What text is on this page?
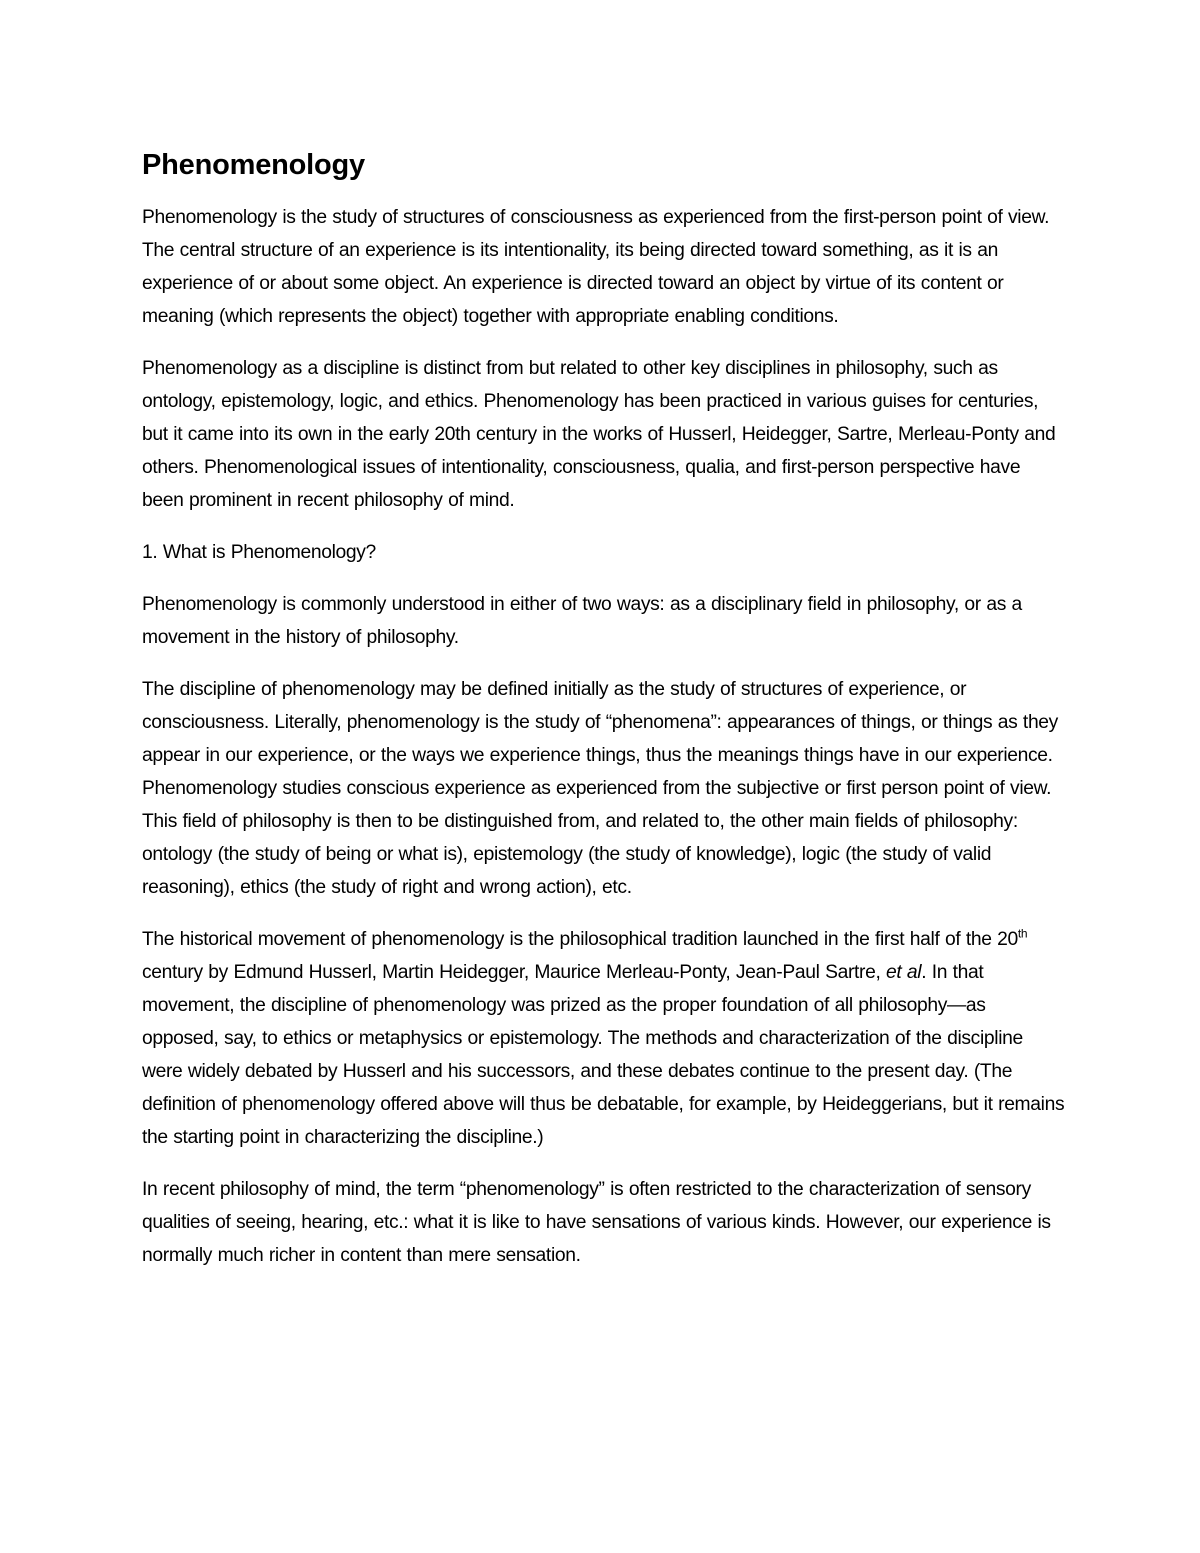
Phenomenology

Phenomenology is the study of structures of consciousness as experienced from the first-person point of view. The central structure of an experience is its intentionality, its being directed toward something, as it is an experience of or about some object. An experience is directed toward an object by virtue of its content or meaning (which represents the object) together with appropriate enabling conditions.

Phenomenology as a discipline is distinct from but related to other key disciplines in philosophy, such as ontology, epistemology, logic, and ethics. Phenomenology has been practiced in various guises for centuries, but it came into its own in the early 20th century in the works of Husserl, Heidegger, Sartre, Merleau-Ponty and others. Phenomenological issues of intentionality, consciousness, qualia, and first-person perspective have been prominent in recent philosophy of mind.

1. What is Phenomenology?

Phenomenology is commonly understood in either of two ways: as a disciplinary field in philosophy, or as a movement in the history of philosophy.

The discipline of phenomenology may be defined initially as the study of structures of experience, or consciousness. Literally, phenomenology is the study of “phenomena”: appearances of things, or things as they appear in our experience, or the ways we experience things, thus the meanings things have in our experience. Phenomenology studies conscious experience as experienced from the subjective or first person point of view. This field of philosophy is then to be distinguished from, and related to, the other main fields of philosophy: ontology (the study of being or what is), epistemology (the study of knowledge), logic (the study of valid reasoning), ethics (the study of right and wrong action), etc.

The historical movement of phenomenology is the philosophical tradition launched in the first half of the 20th century by Edmund Husserl, Martin Heidegger, Maurice Merleau-Ponty, Jean-Paul Sartre, et al. In that movement, the discipline of phenomenology was prized as the proper foundation of all philosophy—as opposed, say, to ethics or metaphysics or epistemology. The methods and characterization of the discipline were widely debated by Husserl and his successors, and these debates continue to the present day. (The definition of phenomenology offered above will thus be debatable, for example, by Heideggerians, but it remains the starting point in characterizing the discipline.)

In recent philosophy of mind, the term “phenomenology” is often restricted to the characterization of sensory qualities of seeing, hearing, etc.: what it is like to have sensations of various kinds. However, our experience is normally much richer in content than mere sensation.
